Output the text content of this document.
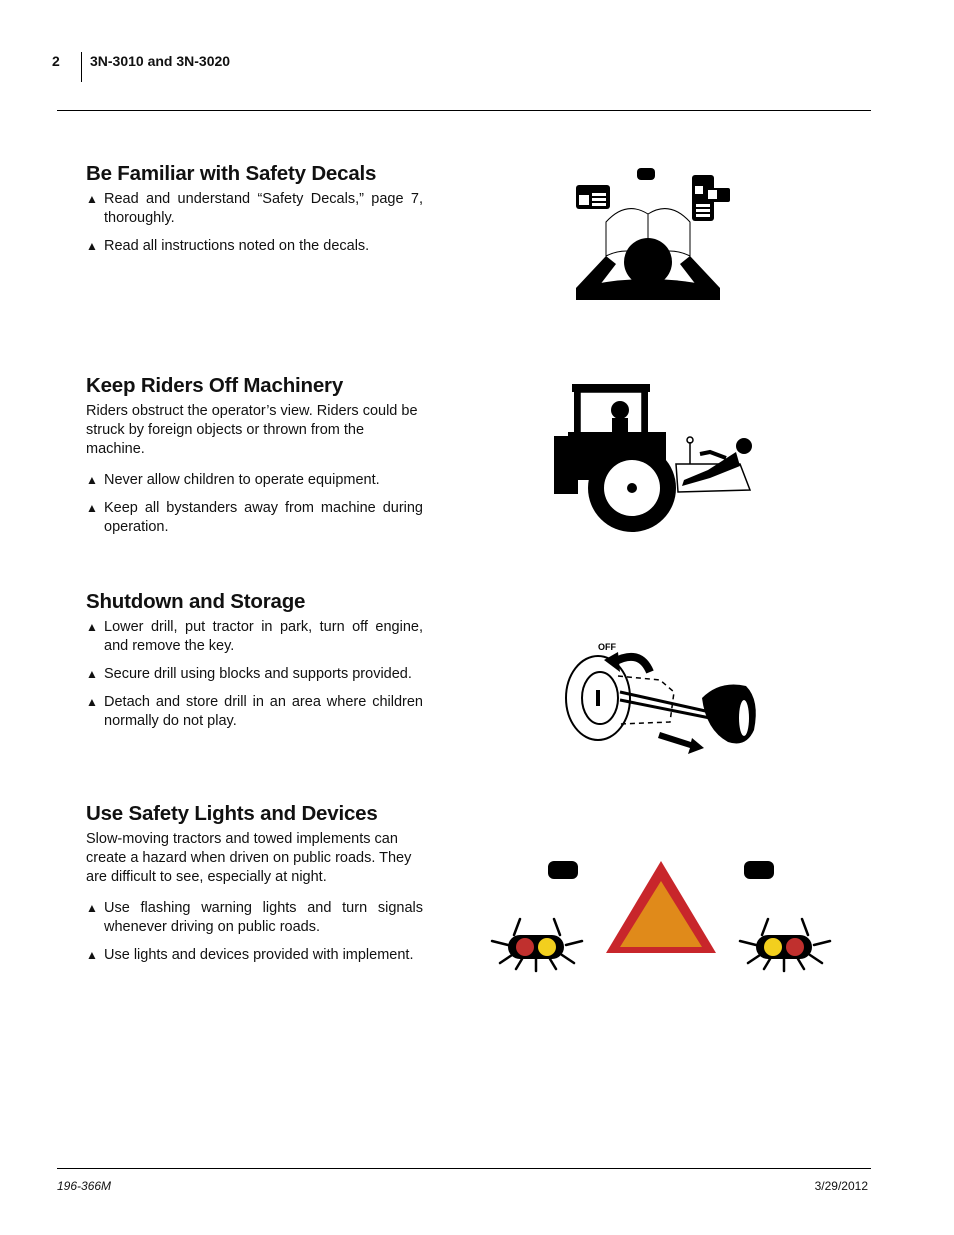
2 3N-3010 and 3N-3020
Be Familiar with Safety Decals
▲ Read and understand “Safety Decals,” page 7, thoroughly.
▲ Read all instructions noted on the decals.
Keep Riders Off Machinery

Riders obstruct the operator’s view. Riders could be struck by foreign objects or thrown from the machine.

▲ Never allow children to operate equipment.
▲ Keep all bystanders away from machine during operation.
Shutdown and Storage
▲ Lower drill, put tractor in park, turn off engine, and remove the key.
▲ Secure drill using blocks and supports provided.
▲ Detach and store drill in an area where children normally do not play.
Use Safety Lights and Devices

Slow-moving tractors and towed implements can create a hazard when driven on public roads. They are difficult to see, especially at night.

▲ Use flashing warning lights and turn signals whenever driving on public roads.
▲ Use lights and devices provided with implement.
OFF
196-366M	3/29/2012
